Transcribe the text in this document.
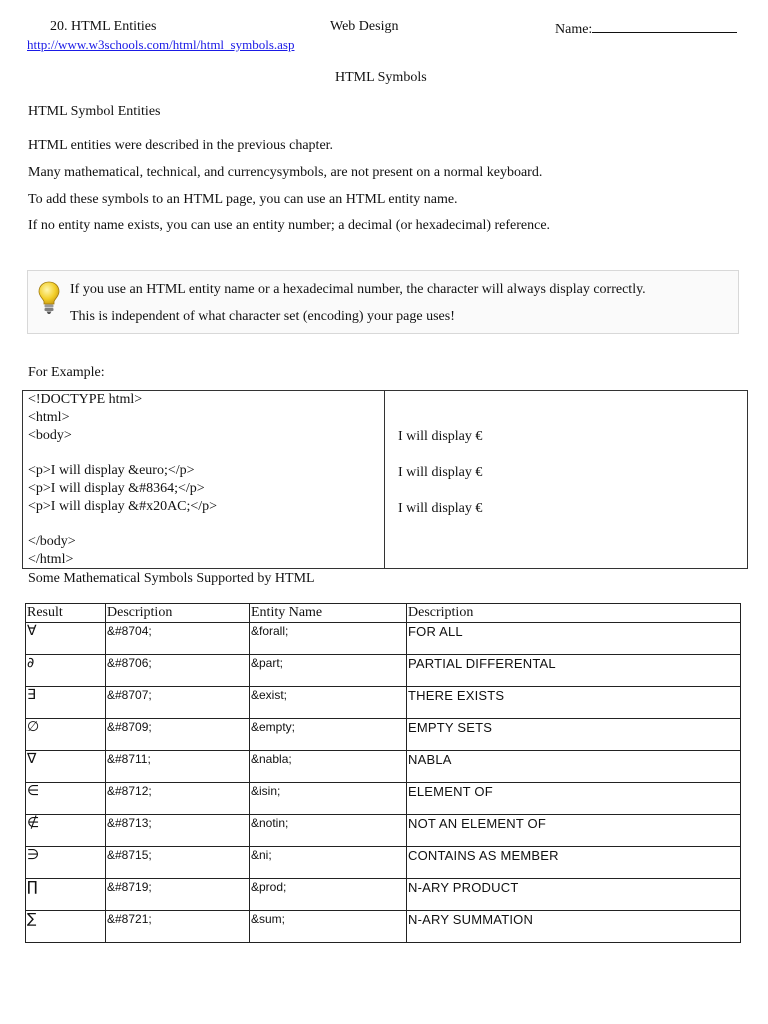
20. HTML Entities	Web Design	Name:
http://www.w3schools.com/html/html_symbols.asp
HTML Symbols
HTML Symbol Entities
HTML entities were described in the previous chapter.
Many mathematical, technical, and currencysymbols, are not present on a normal keyboard.
To add these symbols to an HTML page, you can use an HTML entity name.
If no entity name exists, you can use an entity number; a decimal (or hexadecimal) reference.
If you use an HTML entity name or a hexadecimal number, the character will always display correctly.
This is independent of what character set (encoding) your page uses!
For Example:
<!DOCTYPE html>
<html>
<body>
<p>I will display &euro;</p>
<p>I will display &#8364;</p>
<p>I will display &#x20AC;</p>
</body>
</html>
I will display €
I will display €
I will display €
Some Mathematical Symbols Supported by HTML
Result	Description	Entity Name	Description
∀	&#8704;	&forall;	FOR ALL
∂	&#8706;	&part;	PARTIAL DIFFERENTAL
∃	&#8707;	&exist;	THERE EXISTS
∅	&#8709;	&empty;	EMPTY SETS
∇	&#8711;	&nabla;	NABLA
∈	&#8712;	&isin;	ELEMENT OF
∉	&#8713;	&notin;	NOT AN ELEMENT OF
∋	&#8715;	&ni;	CONTAINS AS MEMBER
∏	&#8719;	&prod;	N-ARY PRODUCT
∑	&#8721;	&sum;	N-ARY SUMMATION
